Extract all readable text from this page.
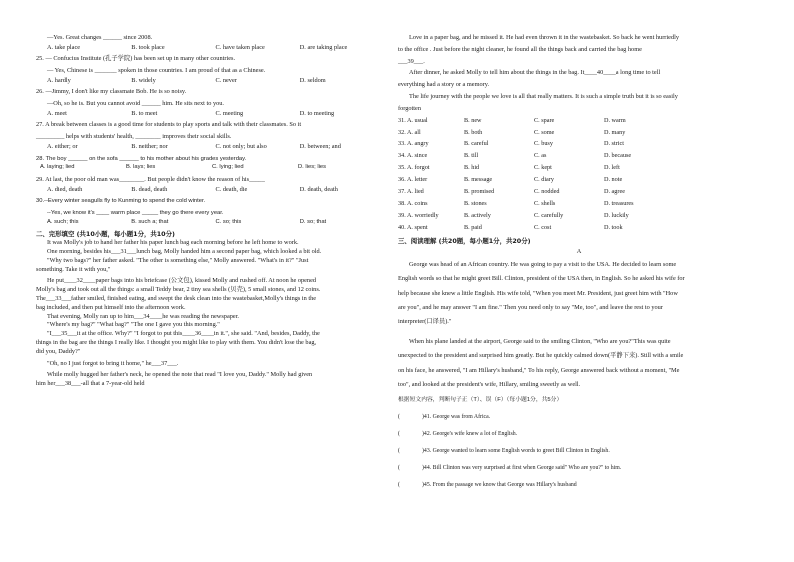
—Yes. Great changes ______ since 2008.

A. take place	B. took place	C. have taken place	D. are taking place

25. — Confucius Institute (孔子学院) has been set up in many other countries.

— Yes, Chinese is _______ spoken in those countries. I am proud of that as a Chinese.

A. hardly	B. widely	C. never	D. seldom

26. —Jimmy, I don't like my classmate Bob. He is so noisy.

—Oh, so he is. But you cannot avoid ______ him. He sits next to you.

A. meet	B. to meet	C. meeting	D. to meeting

27. A break between classes is a good time for students to play sports and talk with their classmates. So it

_________ helps with students' health, ________ improves their social skills.

A. either; or	B. neither; nor	C. not only; but also	D. between; and

28. The boy ______ on the sofa ______ to his mother about his grades yesterday.

A. laying; lied	B. lays; lies	C. lying; lied	D. lies; lies

29. At last, the poor old man was________. But people didn't know the reason of his_____

A. died, death	B. dead, death	C. death, die	D. death, death

30.--Every winter seagulls fly to Kunming to spend the cold winter.

--Yes, we know it's ____ warm place _____ they go there every year.

A. such; this	B. such a; that	C. so; this	D. so; that
二、完形填空 (共10小题，每小题1分，共10分)

It was Molly's job to hand her father his paper lunch bag each morning before he left home to work.

One morning, besides his___31___lunch bag, Molly handed him a second paper bag, which looked a bit old.

"Why two bags?" her father asked. "The other is something else," Molly answered. "What's in it?" "Just

something. Take it with you,"

He put____32____paper bags into his briefcase (公文包), kissed Molly and rushed off. At noon he opened

Molly's bag and took out all the things: a small Teddy bear, 2 tiny sea shells (贝壳), 5 small stones, and 12 coins.

The___33___father smiled, finished eating, and swept the desk clean into the wastebasket,Molly's things in the

bag included, and then put himself into the afternoon work.

That evening, Molly ran up to him___34____he was reading the newspaper.

"Where's my bag?" "What bag?" "The one I gave you this morning."

"I___35___it at the office. Why?" "I forgot to put this____36____in it.", she said. "And, besides, Daddy, the

things in the bag are the things I really like. I thought you might like to play with them. You didn't lose the bag,

did you, Daddy?"

"Oh, no I just forgot to bring it home," he___37___.

While molly hugged her father's neck, he opened the note that read "I love you, Daddy." Molly had given

him her___38___-all that a 7-year-old held

Love in a paper bag, and he missed it. He had even thrown it in the wastebasket. So back he went hurriedly

to the office . Just before the night cleaner, he found all the things back and carried the bag home

___39___.

After dinner, he asked Molly to tell him about the things in the bag. It____40____a long time to tell

everything had a story or a memory.

The life journey with the people we love is all that really matters. It is such a simple truth but it is so easily

forgotten

31. A. usual	B. new	C. spare	D. warm
32. A. all	B. both	C. some	D. many
33. A. angry	B. careful	C. busy	D. strict
34. A. since	B. till	C. as	D. because
35. A. forgot	B. hid	C. kept	D. left
36. A. letter	B. message	C. diary	D. note
37. A. lied	B. promised	C. nodded	D. agree
38. A. coins	B. stones	C. shells	D. treasures
39. A. worriedly	B. actively	C. carefully	D. luckily
40. A. spent	B. paid	C. cost	D. took
三、阅读理解 (共20题，每小题1分，共20分)
A

George was head of an African country. He was going to pay a visit to the USA. He decided to learn some

English words so that he might greet Bill. Clinton, president of the USA then, in English. So he asked his wife for

help because she knew a little English. His wife told, "When you meet Mr. President, just greet him with "How

are you", and he may answer "I am fine." Then you need only to say "Me, too", and leave the rest to your

interpreter(口译员)."

When his plane landed at the airport, George said to the smiling Clinton, "Who are you?"This was quite

unexpected to the president and surprised him greatly. But he quickly calmed down(平静下来). Still with a smile

on his face, he answered, "I am Hillary's husband," To his reply, George answered back without a moment, "Me

too", and looked at the president's wife, Hillary, smiling sweetly as well.

根据短文内容，判断句子正（T）、误（F）（每小题1分，共5分）
(	)41. George was from Africa.
(	)42. George's wife knew a lot of English.
(	)43. George wanted to learn some English words to greet Bill Clinton in English.
(	)44. Bill Clinton was very surprised at first when George said" Who are you?" to him.
(	)45. From the passage we know that George was Hillary's husband
